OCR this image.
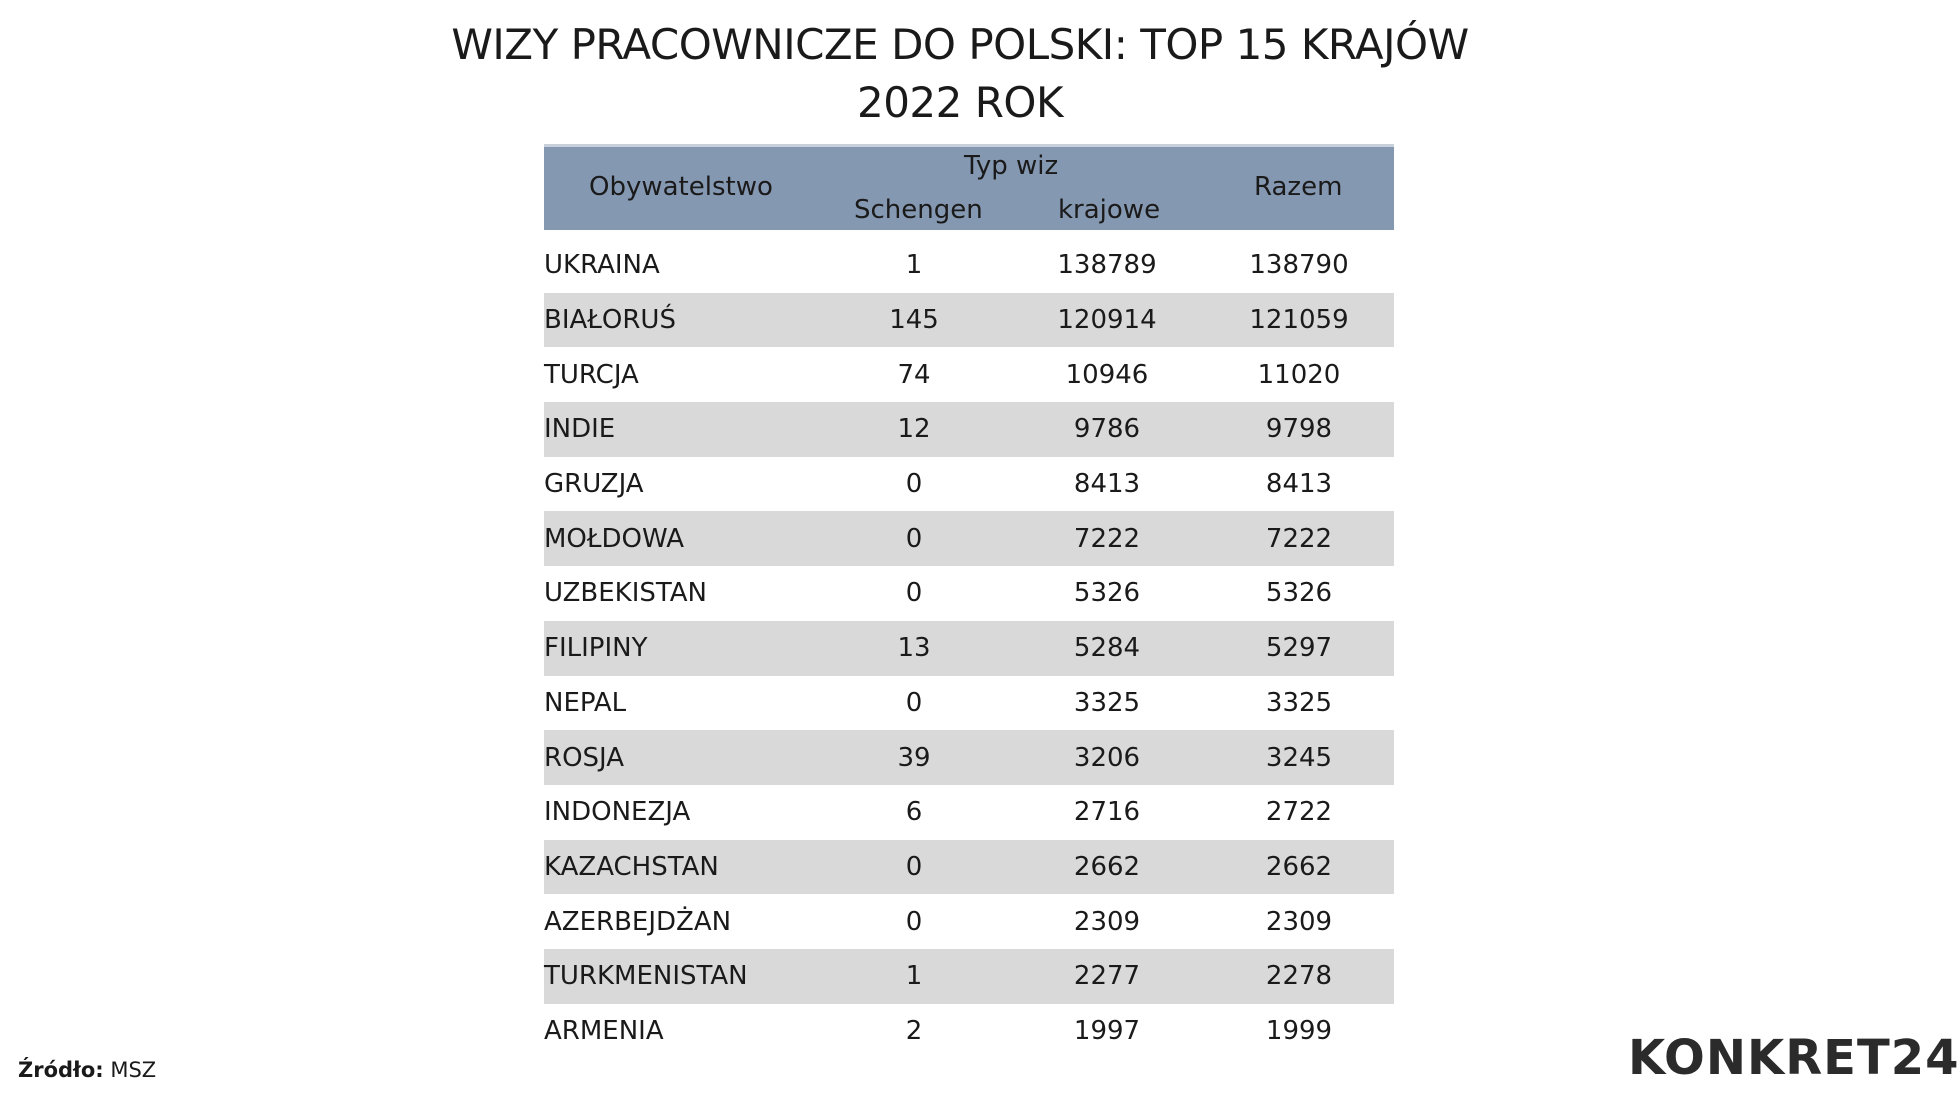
WIZY PRACOWNICZE DO POLSKI: TOP 15 KRAJÓW
2022 ROK
Obywatelstwo
Typ wiz
Schengen	krajowe
Razem
UKRAINA	1	138789	138790
BIAŁORUŚ	145	120914	121059
TURCJA	74	10946	11020
INDIE	12	9786	9798
GRUZJA	0	8413	8413
MOŁDOWA	0	7222	7222
UZBEKISTAN	0	5326	5326
FILIPINY	13	5284	5297
NEPAL	0	3325	3325
ROSJA	39	3206	3245
INDONEZJA	6	2716	2722
KAZACHSTAN	0	2662	2662
AZERBEJDŻAN	0	2309	2309
TURKMENISTAN	1	2277	2278
ARMENIA	2	1997	1999
Źródło: MSZ	KONKRET24
